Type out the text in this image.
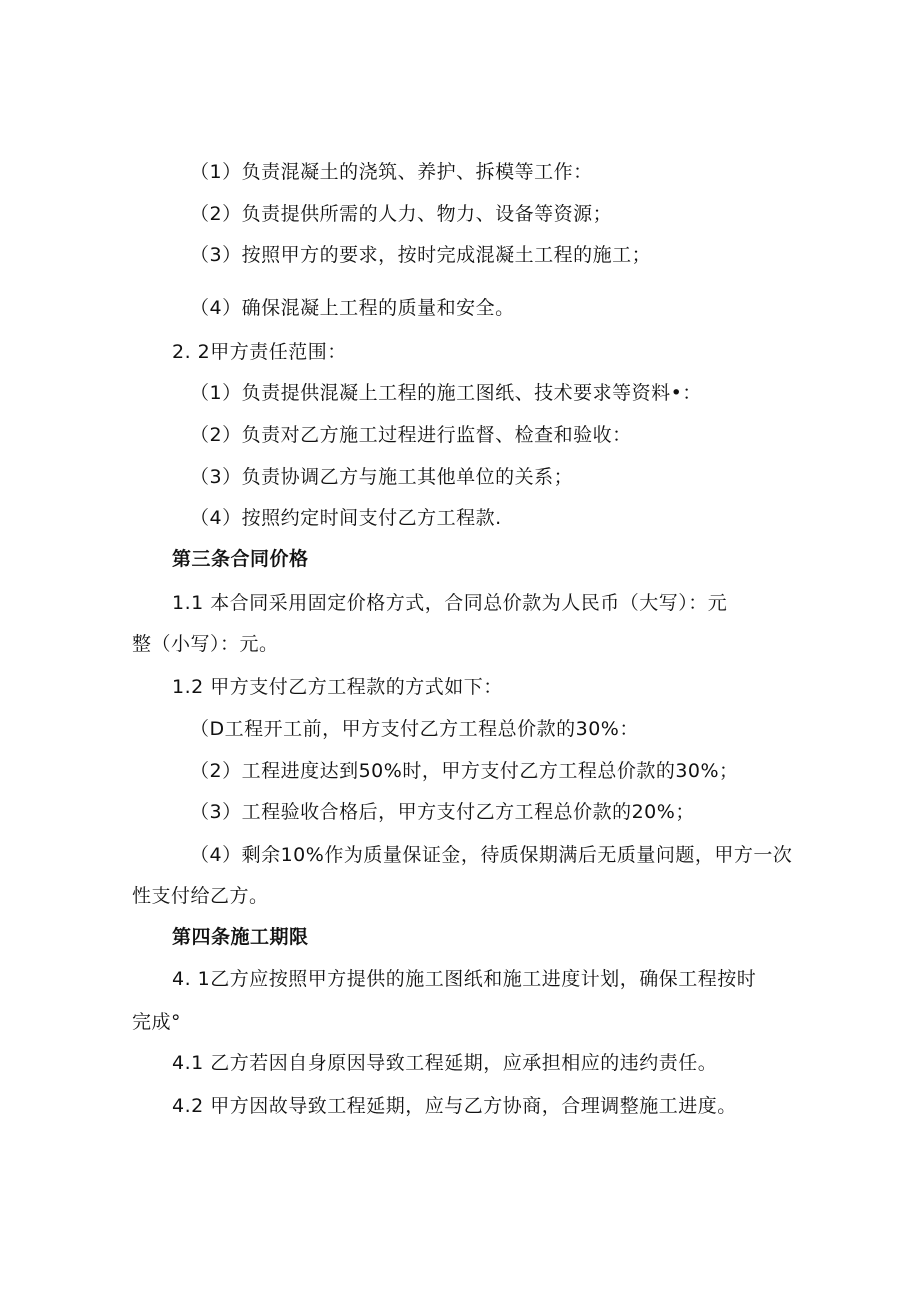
（1）负责混凝土的浇筑、养护、拆模等工作：
（2）负责提供所需的人力、物力、设备等资源；
（3）按照甲方的要求，按时完成混凝土工程的施工；
（4）确保混凝上工程的质量和安全。
2. 2甲方责任范围：
（1）负责提供混凝上工程的施工图纸、技术要求等资料•：
（2）负责对乙方施工过程进行监督、检查和验收：
（3）负责协调乙方与施工其他单位的关系；
（4）按照约定时间支付乙方工程款.
第三条合同价格
1.1 本合同采用固定价格方式，合同总价款为人民币（大写）：元
整（小写）：元。
1.2 甲方支付乙方工程款的方式如下：
（D工程开工前，甲方支付乙方工程总价款的30%：
（2）工程进度达到50%时，甲方支付乙方工程总价款的30%；
（3）工程验收合格后，甲方支付乙方工程总价款的20%；
（4）剩余10%作为质量保证金，待质保期满后无质量问题，甲方一次
性支付给乙方。
第四条施工期限
4. 1乙方应按照甲方提供的施工图纸和施工进度计划，确保工程按时
完成°
4.1 乙方若因自身原因导致工程延期，应承担相应的违约责任。
4.2 甲方因故导致工程延期，应与乙方协商，合理调整施工进度。
